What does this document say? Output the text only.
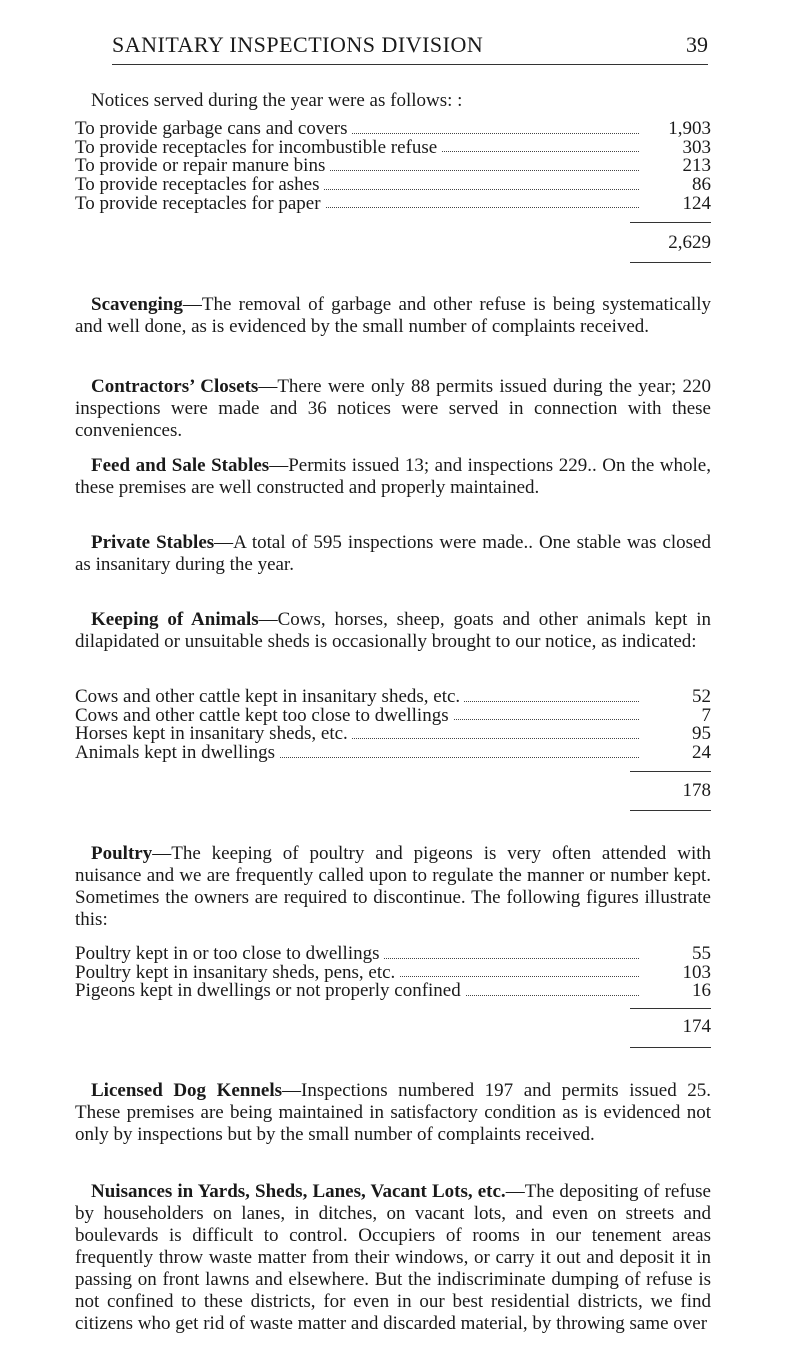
SANITARY INSPECTIONS DIVISION	39
Notices served during the year were as follows: :
To provide garbage cans and covers	1,903
To provide receptacles for incombustible refuse	303
To provide or repair manure bins	213
To provide receptacles for ashes	86
To provide receptacles for paper	124
2,629

Scavenging—The removal of garbage and other refuse is being systematically and well done, as is evidenced by the small number of complaints received.

Contractors’ Closets—There were only 88 permits issued during the year; 220 inspections were made and 36 notices were served in connection with these conveniences.

Feed and Sale Stables—Permits issued 13; and inspections 229.. On the whole, these premises are well constructed and properly maintained.

Private Stables—A total of 595 inspections were made.. One stable was closed as insanitary during the year.

Keeping of Animals—Cows, horses, sheep, goats and other animals kept in dilapidated or unsuitable sheds is occasionally brought to our notice, as indicated:

Cows and other cattle kept in insanitary sheds, etc.	52
Cows and other cattle kept too close to dwellings	7
Horses kept in insanitary sheds, etc.	95
Animals kept in dwellings	24
178

Poultry—The keeping of poultry and pigeons is very often attended with nuisance and we are frequently called upon to regulate the manner or number kept. Sometimes the owners are required to discontinue. The following figures illustrate this:

Poultry kept in or too close to dwellings	55
Poultry kept in insanitary sheds, pens, etc.	103
Pigeons kept in dwellings or not properly confined	16
174

Licensed Dog Kennels—Inspections numbered 197 and permits issued 25. These premises are being maintained in satisfactory condition as is evidenced not only by inspections but by the small number of complaints received.

Nuisances in Yards, Sheds, Lanes, Vacant Lots, etc.—The depositing of refuse by householders on lanes, in ditches, on vacant lots, and even on streets and boulevards is difficult to control. Occupiers of rooms in our tenement areas frequently throw waste matter from their windows, or carry it out and deposit it in passing on front lawns and elsewhere. But the indiscriminate dumping of refuse is not confined to these districts, for even in our best residential districts, we find citizens who get rid of waste matter and discarded material, by throwing same over
